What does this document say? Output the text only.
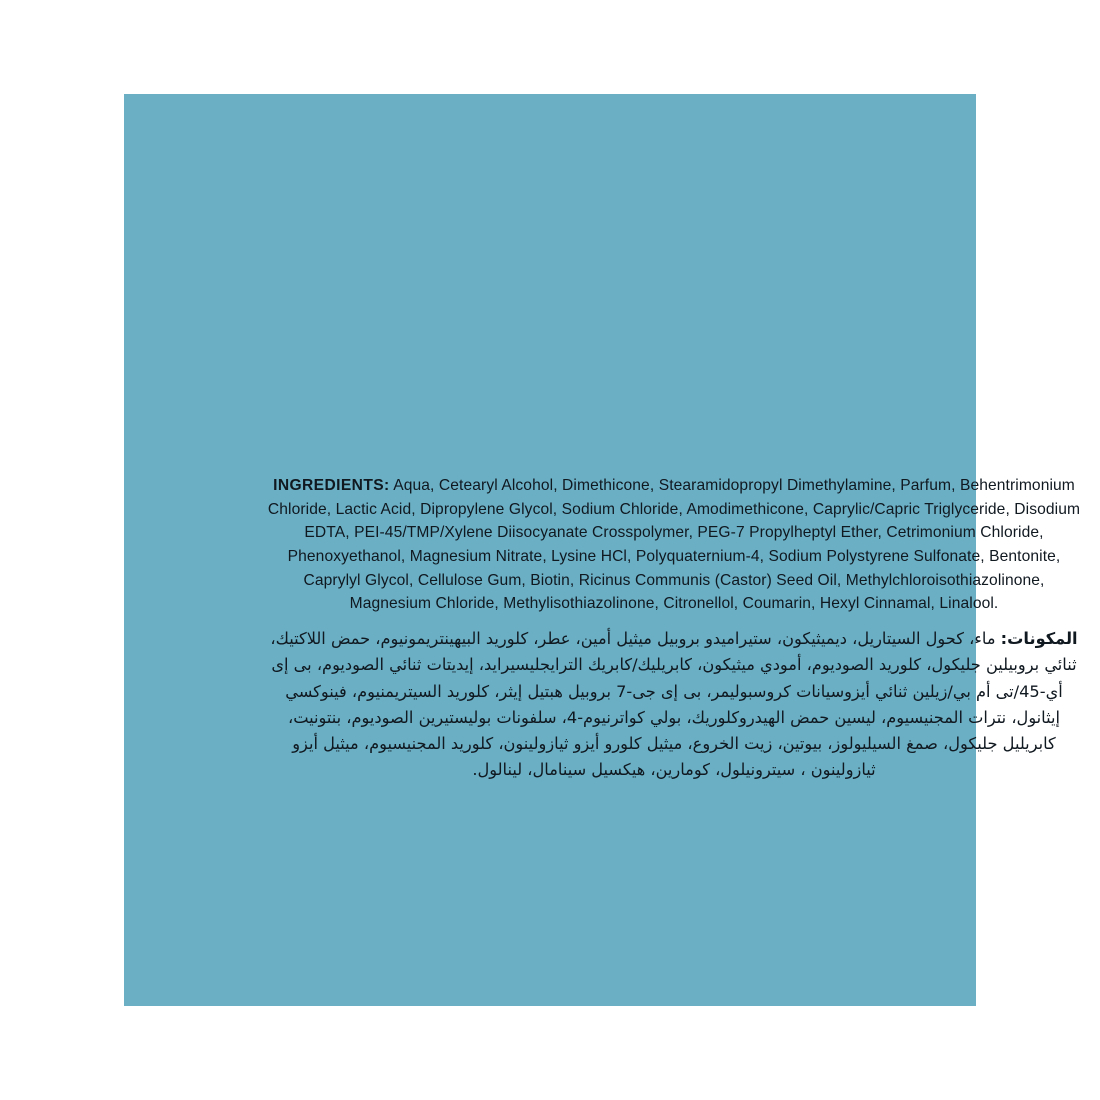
INGREDIENTS: Aqua, Cetearyl Alcohol, Dimethicone, Stearamidopropyl Dimethylamine, Parfum, Behentrimonium Chloride, Lactic Acid, Dipropylene Glycol, Sodium Chloride, Amodimethicone, Caprylic/Capric Triglyceride, Disodium EDTA, PEI-45/TMP/Xylene Diisocyanate Crosspolymer, PEG-7 Propylheptyl Ether, Cetrimonium Chloride, Phenoxyethanol, Magnesium Nitrate, Lysine HCl, Polyquaternium-4, Sodium Polystyrene Sulfonate, Bentonite, Caprylyl Glycol, Cellulose Gum, Biotin, Ricinus Communis (Castor) Seed Oil, Methylchloroisothiazolinone, Magnesium Chloride, Methylisothiazolinone, Citronellol, Coumarin, Hexyl Cinnamal, Linalool.

المكونات: ماء، كحول السيتاريل، ديميثيكون، ستيراميدو بروبيل ميثيل أمين، عطر، كلوريد البيهينتريمونيوم، حمض اللاكتيك، ثنائي بروبيلين جليكول، كلوريد الصوديوم، أمودي ميثيكون، كابريليك/كابريك الترايجليسيرايد، إيديتات ثنائي الصوديوم، بى إى أي-45/تى أم بي/زيلين ثنائي أيزوسيانات كروسبوليمر، بى إى جى-7 بروبيل هبتيل إيثر، كلوريد السيتريمنيوم، فينوكسي إيثانول، نترات المجنيسيوم، ليسين حمض الهيدروكلوريك، بولي كواترنيوم-4، سلفونات بوليستيرين الصوديوم، بنتونيت، كابريليل جليكول، صمغ السيليولوز، بيوتين، زيت الخروع، ميثيل كلورو أيزو ثيازولينون، كلوريد المجنيسيوم، ميثيل أيزو ثيازولينون ، سيترونيلول، كومارين، هيكسيل سينامال، لينالول.
